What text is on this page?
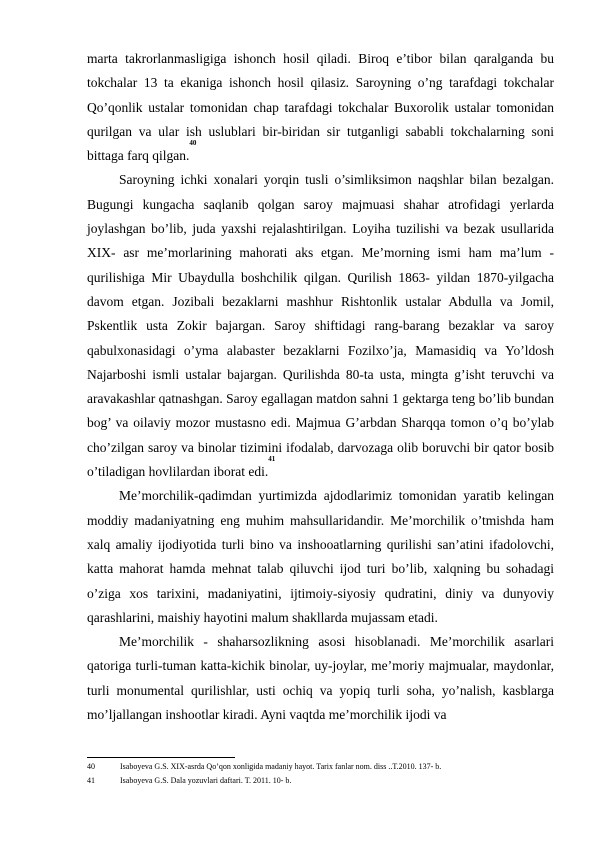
marta takrorlanmasligiga ishonch hosil qiladi. Biroq e’tibor bilan qaralganda bu tokchalar 13 ta ekaniga ishonch hosil qilasiz. Saroyning o’ng tarafdagi tokchalar Qo’qonlik ustalar tomonidan chap tarafdagi tokchalar Buxorolik ustalar tomonidan qurilgan va ular ish uslublari bir-biridan sir tutganligi sababli tokchalarning soni bittaga farq qilgan.$^{40}$

Saroyning ichki xonalari yorqin tusli o’simliksimon naqshlar bilan bezalgan. Bugungi kungacha saqlanib qolgan saroy majmuasi shahar atrofidagi yerlarda joylashgan bo’lib, juda yaxshi rejalashtirilgan. Loyiha tuzilishi va bezak usullarida XIX- asr me’morlarining mahorati aks etgan. Me’morning ismi ham ma’lum - qurilishiga Mir Ubaydulla boshchilik qilgan. Qurilish 1863- yildan 1870-yilgacha davom etgan. Jozibali bezaklarni mashhur Rishtonlik ustalar Abdulla va Jomil, Pskentlik usta Zokir bajargan. Saroy shiftidagi rang-barang bezaklar va saroy qabulxonasidagi o’yma alabaster bezaklarni Fozilxo’ja, Mamasidiq va Yo’ldosh Najarboshi ismli ustalar bajargan. Qurilishda 80-ta usta, mingta g’isht teruvchi va aravakashlar qatnashgan. Saroy egallagan matdon sahni 1 gektarga teng bo’lib bundan bog’ va oilaviy mozor mustasno edi. Majmua G’arbdan Sharqqa tomon o’q bo’ylab cho’zilgan saroy va binolar tizimini ifodalab, darvozaga olib boruvchi bir qator bosib o’tiladigan hovlilardan iborat edi.$^{41}$

Me’morchilik-qadimdan yurtimizda ajdodlarimiz tomonidan yaratib kelingan moddiy madaniyatning eng muhim mahsullaridandir. Me’morchilik o’tmishda ham xalq amaliy ijodiyotida turli bino va inshooatlarning qurilishi san’atini ifadolovchi, katta mahorat hamda mehnat talab qiluvchi ijod turi bo’lib, xalqning bu sohadagi o’ziga xos tarixini, madaniyatini, ijtimoiy-siyosiy qudratini, diniy va dunyoviy qarashlarini, maishiy hayotini malum shakllarda mujassam etadi.

Me’morchilik - shaharsozlikning asosi hisoblanadi. Me’morchilik asarlari qatoriga turli-tuman katta-kichik binolar, uy-joylar, me’moriy majmualar, maydonlar, turli monumental qurilishlar, usti ochiq va yopiq turli soha, yo’nalish, kasblarga mo’ljallangan inshootlar kiradi. Ayni vaqtda me’morchilik ijodi va

40	Isaboyeva G.S. XIX-asrda Qo’qon xonligida madaniy hayot. Tarix fanlar nom. diss ..T.2010. 137- b.
41	Isaboyeva G.S. Dala yozuvlari daftari. T. 2011. 10- b.
